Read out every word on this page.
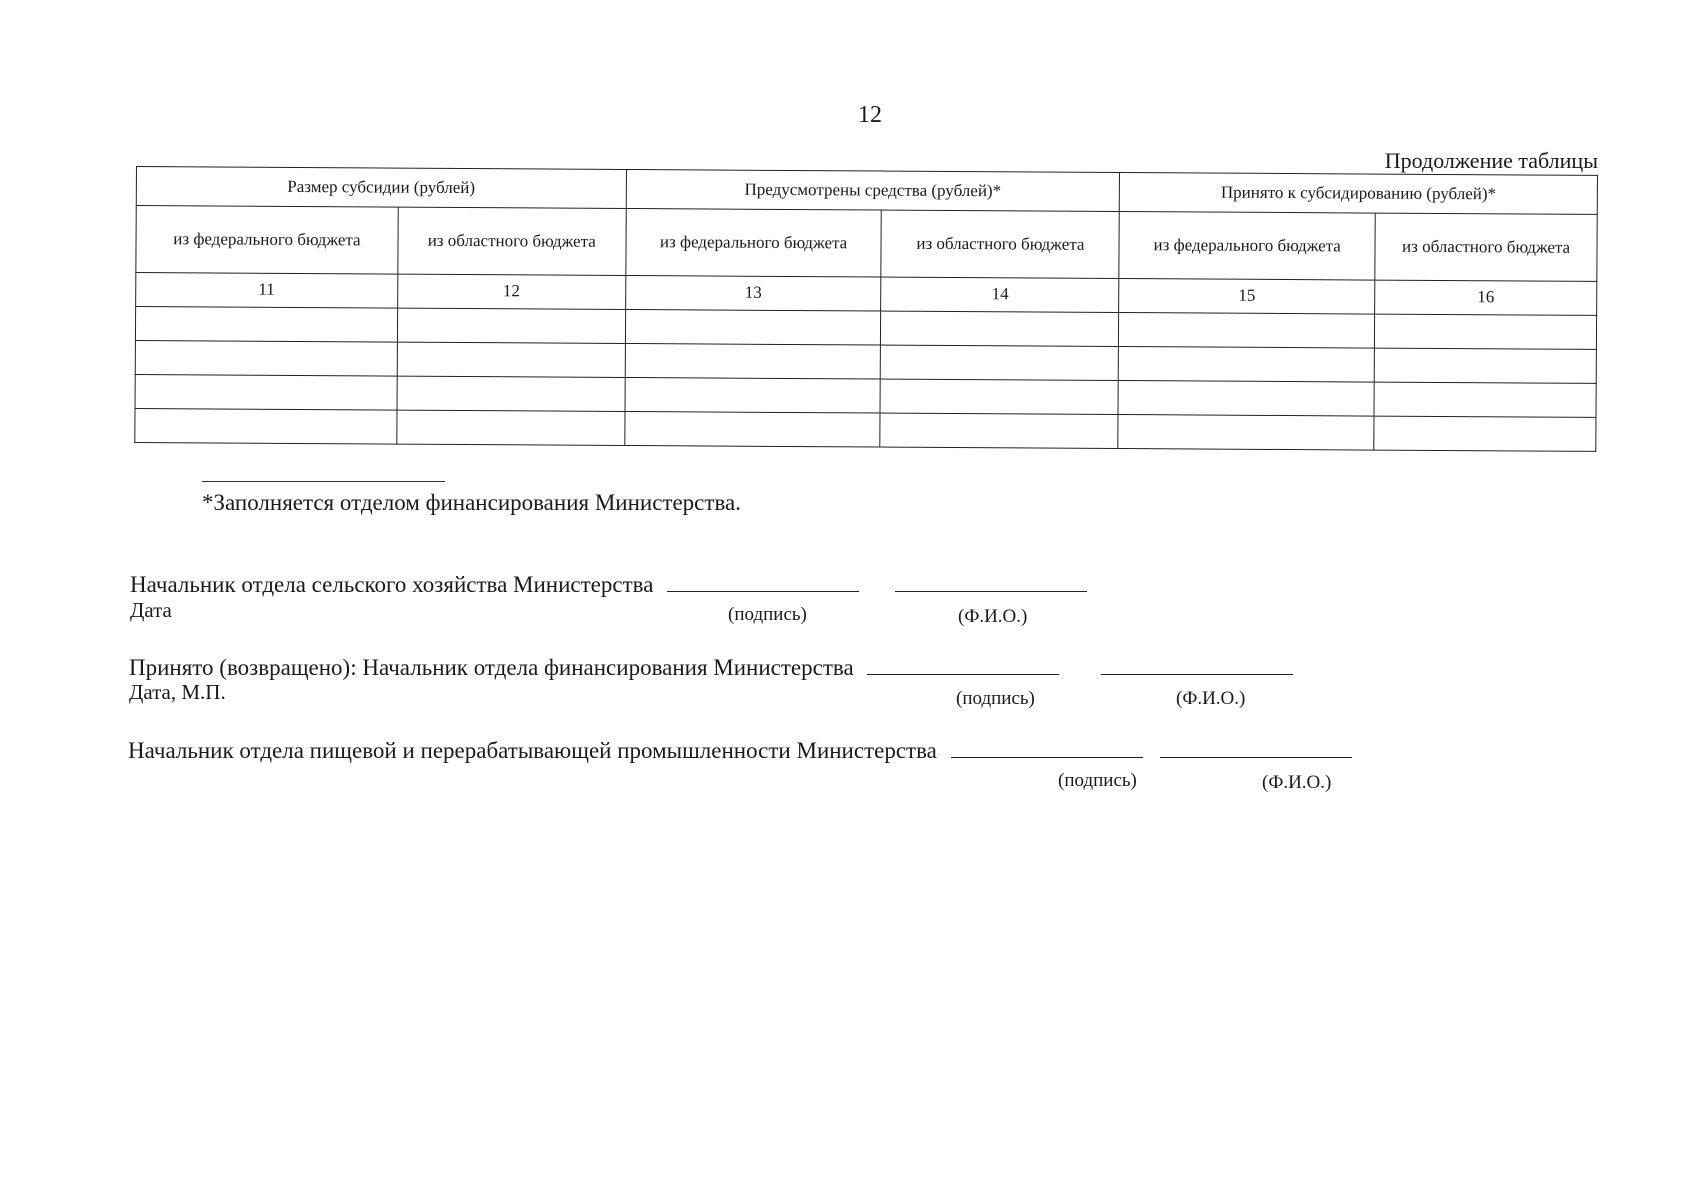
12
Продолжение таблицы
Размер субсидии (рублей)		Предусмотрены средства (рублей)*		Принято к субсидированию (рублей)*	
из федерального бюджета	из областного бюджета	из федерального бюджета	из областного бюджета	из федерального бюджета	из областного бюджета
11	12	13	14	15	16

*Заполняется отделом финансирования Министерства.
Начальник отдела сельского хозяйства Министерства
Дата	(подпись)	(Ф.И.О.)
Принято (возвращено): Начальник отдела финансирования Министерства
Дата, М.П.	(подпись)	(Ф.И.О.)
Начальник отдела пищевой и перерабатывающей промышленности Министерства
(подпись)	(Ф.И.О.)
